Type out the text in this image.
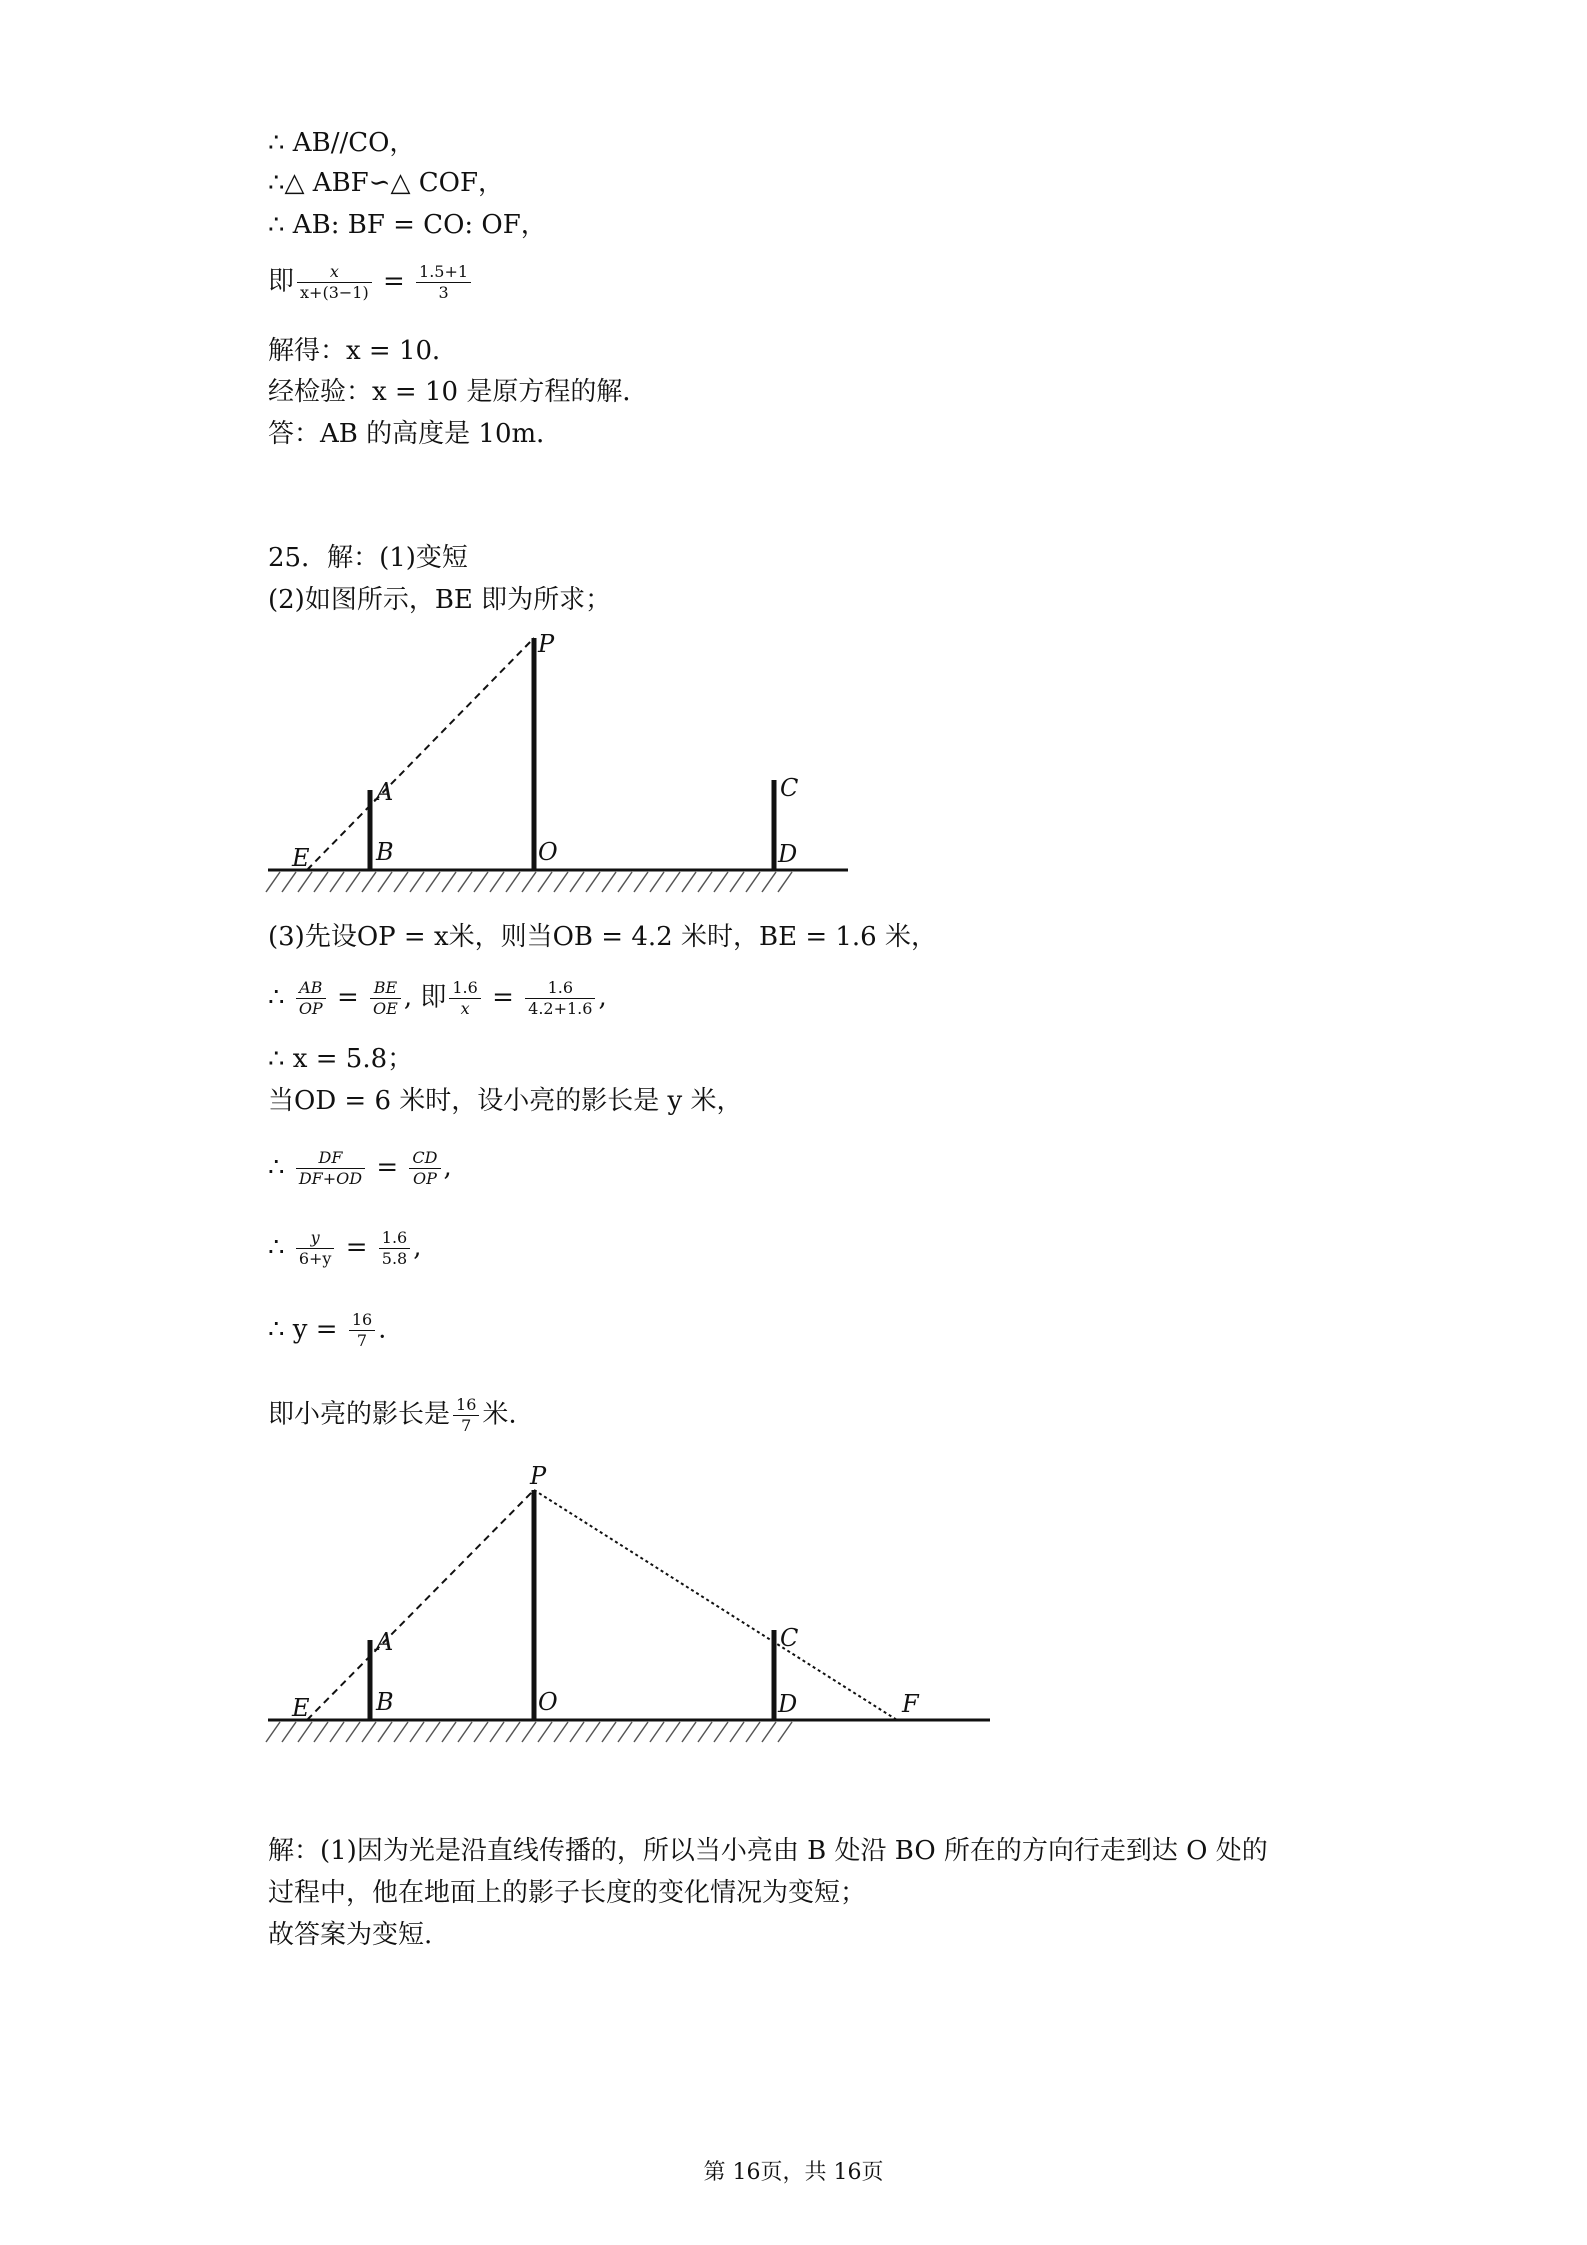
∴ AB//CO，
∴△ ABF∽△ COF，
∴ AB: BF = CO: OF，
即 $\frac{x}{x+(3-1)} = \frac{1.5+1}{3}$
解得：x = 10．
经检验：x = 10 是原方程的解．
答：AB 的高度是 10m．
25．解：(1)变短
(2)如图所示，BE 即为所求；
P
A	C
E	B	O	D
(3)先设OP = x米，则当OB = 4.2 米时，BE = 1.6 米，
∴ $\frac{AB}{OP} = \frac{BE}{OE}$ , 即 $\frac{1.6}{x} = \frac{1.6}{4.2+1.6}$ ,
∴ x = 5.8；
当OD = 6 米时，设小亮的影长是 y 米，
∴ $\frac{DF}{DF+OD} = \frac{CD}{OP}$ ,
∴ $\frac{y}{6+y} = \frac{1.6}{5.8}$ ,
∴ $y = \frac{16}{7}$ .
即小亮的影长是 $\frac{16}{7}$ 米.
P
A	C
E	B	O	D	F
解：(1)因为光是沿直线传播的，所以当小亮由 B 处沿 BO 所在的方向行走到达 O 处的
过程中，他在地面上的影子长度的变化情况为变短；
故答案为变短.
第 16页，共 16页
